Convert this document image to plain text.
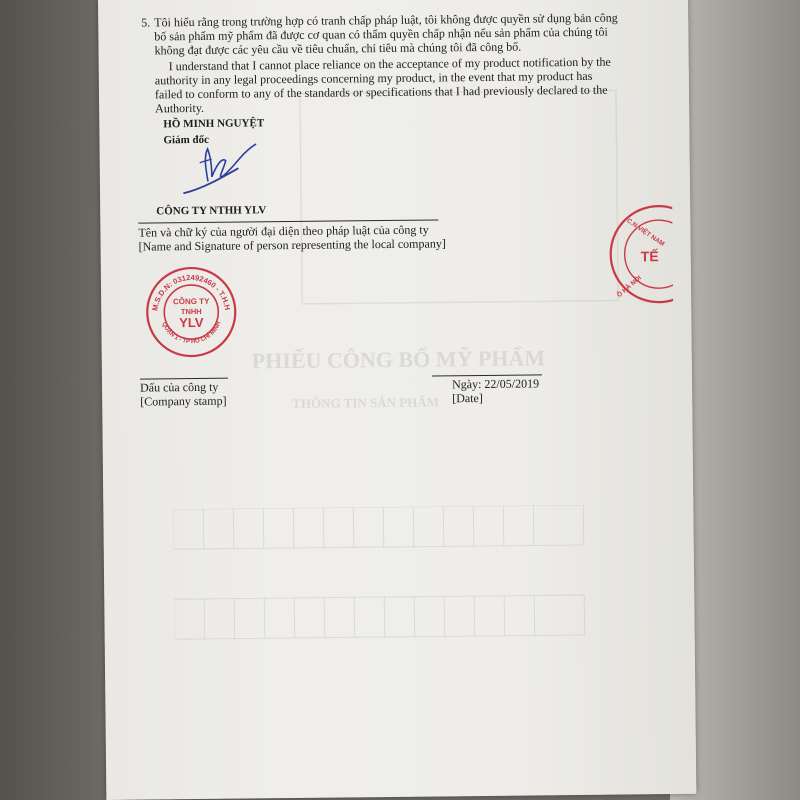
PHIẾU CÔNG BỐ MỸ PHẨM
THÔNG TIN SẢN PHẨM
5. Tôi hiểu rằng trong trường hợp có tranh chấp pháp luật, tôi không được quyền sử dụng bản công
bố sản phẩm mỹ phẩm đã được cơ quan có thẩm quyền chấp nhận nếu sản phẩm của chúng tôi
không đạt được các yêu cầu về tiêu chuẩn, chỉ tiêu mà chúng tôi đã công bố.
I understand that I cannot place reliance on the acceptance of my product notification by the
authority in any legal proceedings concerning my product, in the event that my product has
failed to conform to any of the standards or specifications that I had previously declared to the
Authority.
HỒ MINH NGUYỆT
Giám đốc
CÔNG TY NTHH YLV
Tên và chữ ký của người đại diện theo pháp luật của công ty
[Name and Signature of person representing the local company]
M.S.D.N: 0312492460 - T.H.H
QUẬN 1 - TP HỒ CHÍ MINH
CÔNG TY
TNHH
YLV
C.N VIỆT NAM
Ô HÀ NỘI
TẾ
Dấu của công ty
[Company stamp]
Ngày: 22/05/2019
[Date]
